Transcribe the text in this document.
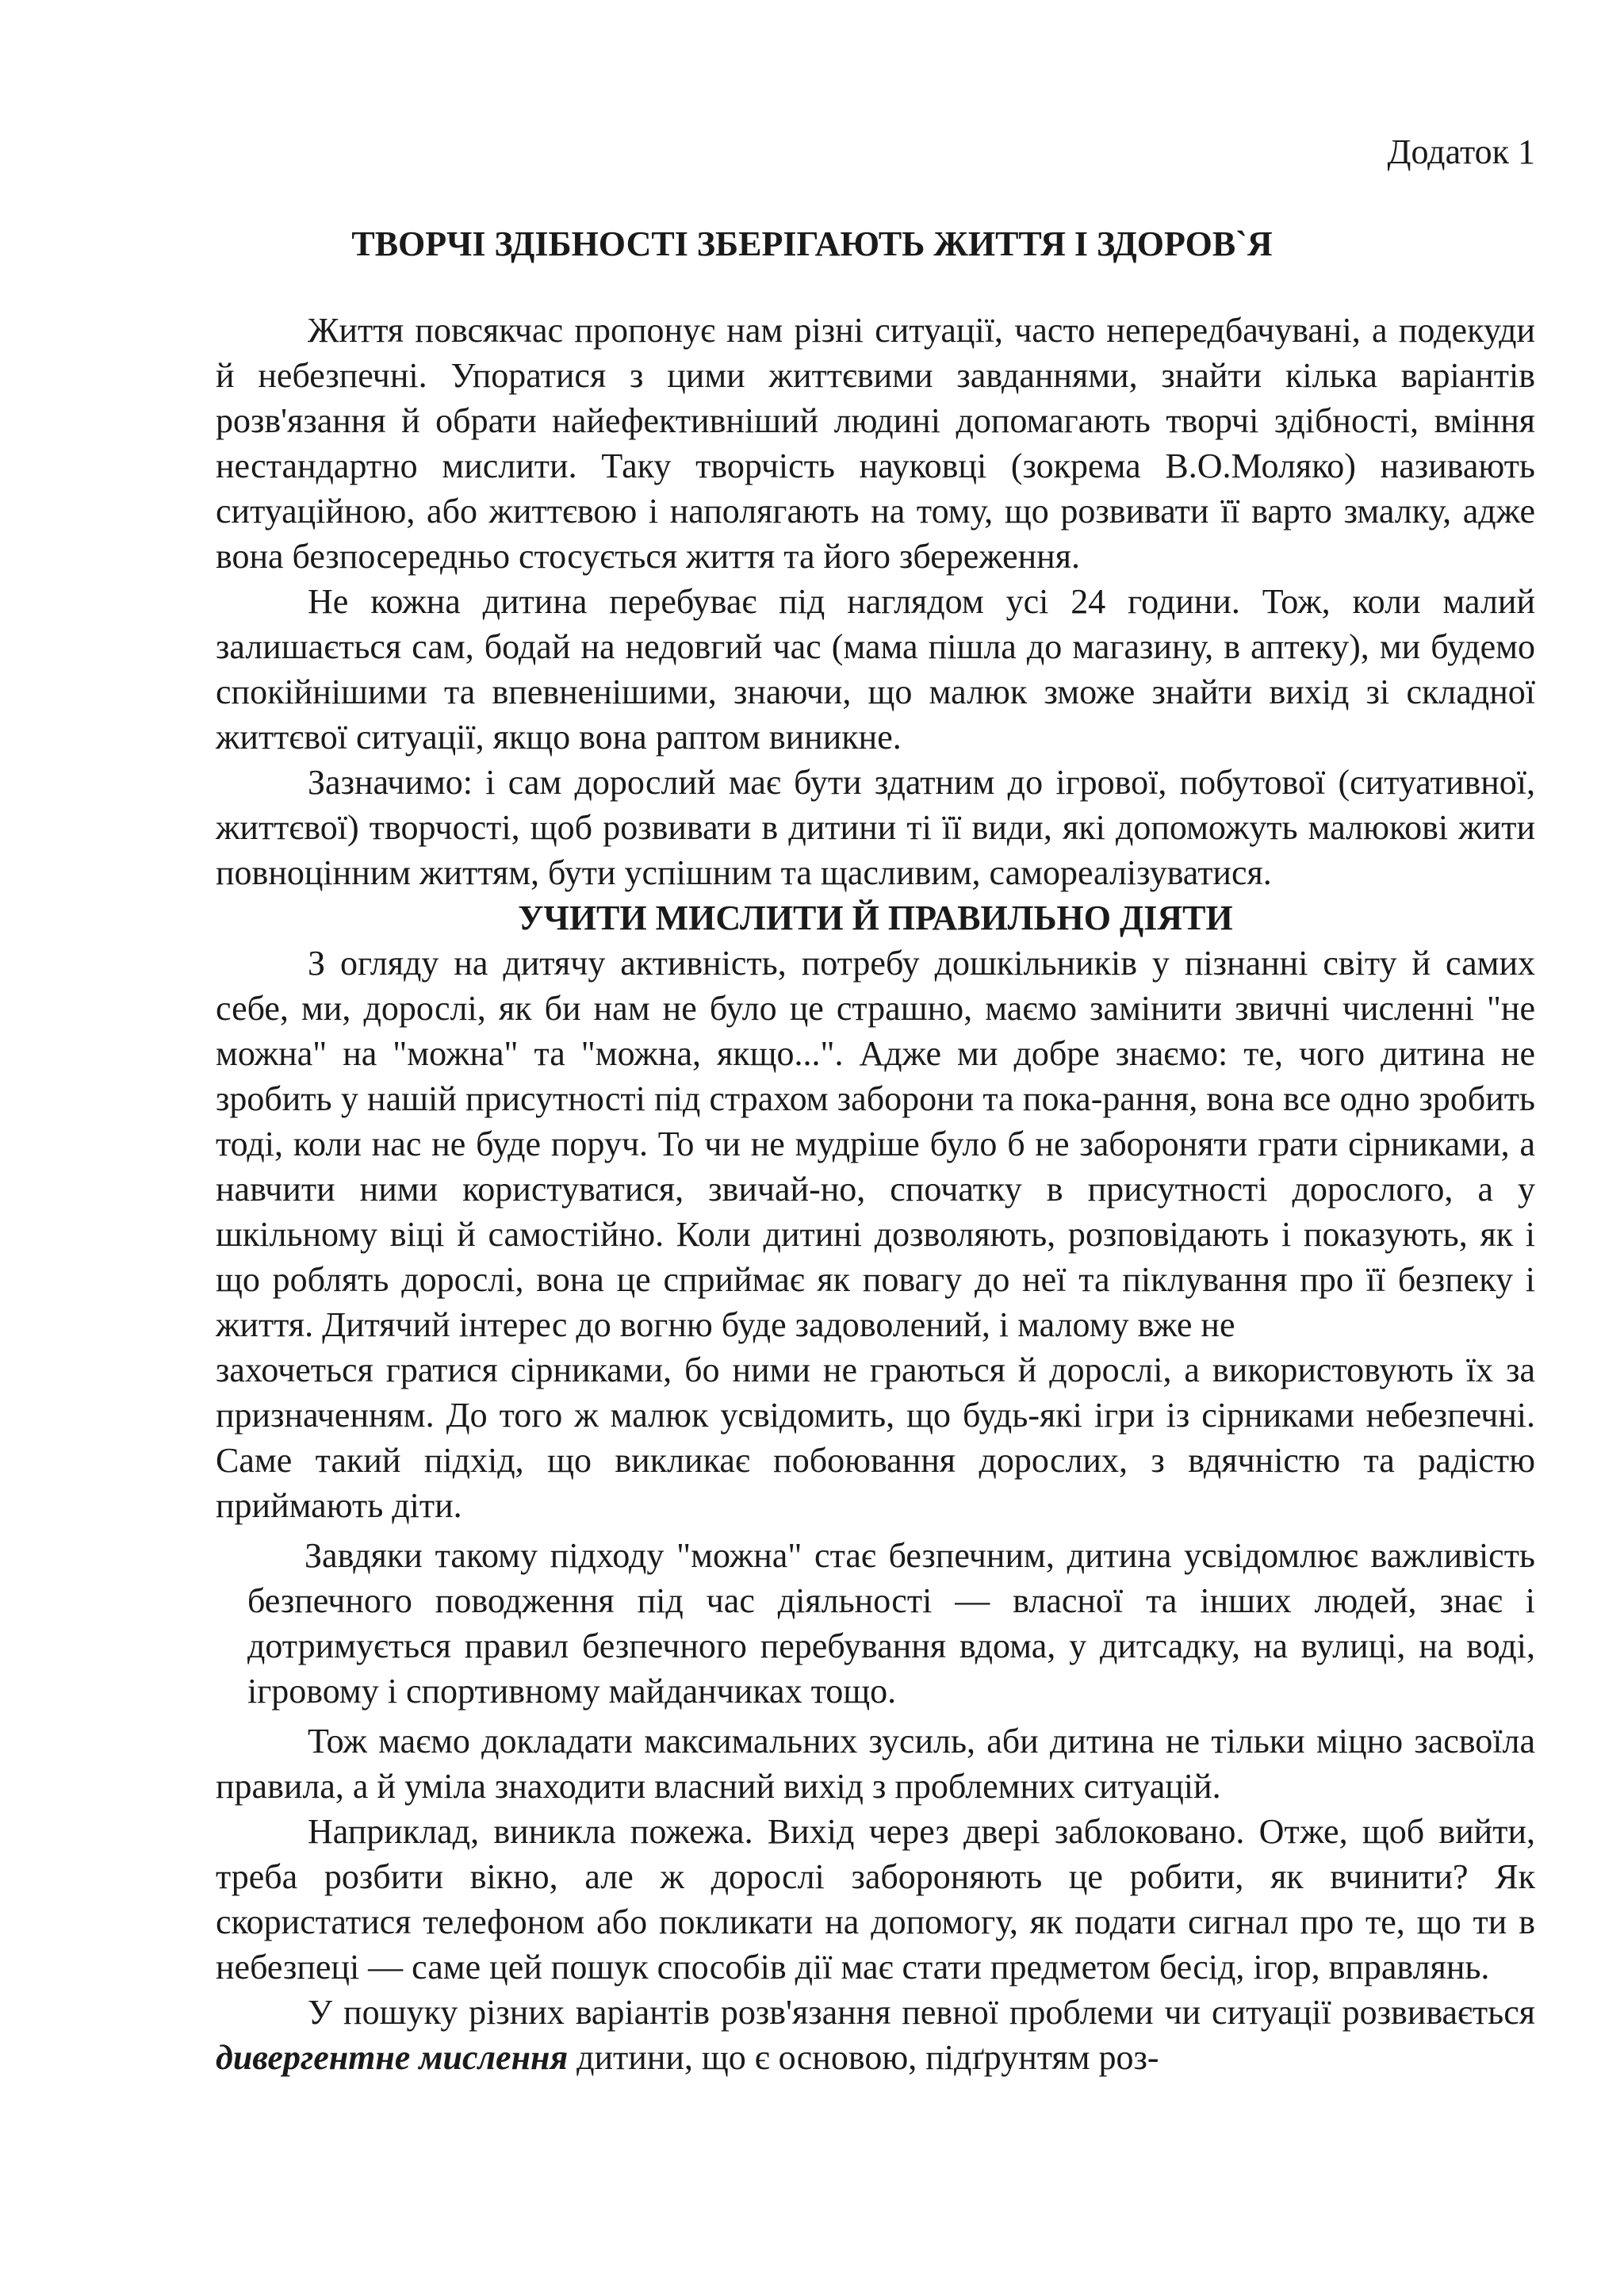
Додаток 1

ТВОРЧІ ЗДІБНОСТІ ЗБЕРІГАЮТЬ ЖИТТЯ І ЗДОРОВ`Я

Життя повсякчас пропонує нам різні ситуації, часто непередбачувані, а подекуди й небезпечні. Упоратися з цими життєвими завданнями, знайти кілька варіантів розв'язання й обрати найефективніший людині допомагають творчі здібності, вміння нестандартно мислити. Таку творчість науковці (зокрема В.О.Моляко) називають ситуаційною, або життєвою і наполягають на тому, що розвивати її варто змалку, адже вона безпосередньо стосується життя та його збереження.

Не кожна дитина перебуває під наглядом усі 24 години. Тож, коли малий залишається сам, бодай на недовгий час (мама пішла до магазину, в аптеку), ми будемо спокійнішими та впевненішими, знаючи, що малюк зможе знайти вихід зі складної життєвої ситуації, якщо вона раптом виникне.

Зазначимо: і сам дорослий має бути здатним до ігрової, побутової (ситуативної, життєвої) творчості, щоб розвивати в дитини ті її види, які допоможуть малюкові жити повноцінним життям, бути успішним та щасливим, самореалізуватися.

УЧИТИ МИСЛИТИ Й ПРАВИЛЬНО ДІЯТИ

З огляду на дитячу активність, потребу дошкільників у пізнанні світу й самих себе, ми, дорослі, як би нам не було це страшно, маємо замінити звичні численні "не можна" на "можна" та "можна, якщо...". Адже ми добре знаємо: те, чого дитина не зробить у нашій присутності під страхом заборони та пока-рання, вона все одно зробить тоді, коли нас не буде поруч. То чи не мудріше було б не забороняти грати сірниками, а навчити ними користуватися, звичай-но, спочатку в присутності дорослого, а у шкільному віці й самостійно. Коли дитині дозволяють, розповідають і показують, як і що роблять дорослі, вона це сприймає як повагу до неї та піклування про її безпеку і життя. Дитячий інтерес до вогню буде задоволений, і малому вже не

захочеться гратися сірниками, бо ними не граються й дорослі, а використовують їх за призначенням. До того ж малюк усвідомить, що будь-які ігри із сірниками небезпечні. Саме такий підхід, що викликає побоювання дорослих, з вдячністю та радістю приймають діти.

Завдяки такому підходу "можна" стає безпечним, дитина усвідомлює важливість безпечного поводження під час діяльності — власної та інших людей, знає і дотримується правил безпечного перебування вдома, у дитсадку, на вулиці, на воді, ігровому і спортивному майданчиках тощо.

Тож маємо докладати максимальних зусиль, аби дитина не тільки міцно засвоїла правила, а й уміла знаходити власний вихід з проблемних ситуацій.

Наприклад, виникла пожежа. Вихід через двері заблоковано. Отже, щоб вийти, треба розбити вікно, але ж дорослі забороняють це робити, як вчинити? Як скористатися телефоном або покликати на допомогу, як подати сигнал про те, що ти в небезпеці — саме цей пошук способів дії має стати предметом бесід, ігор, вправлянь.

У пошуку різних варіантів розв'язання певної проблеми чи ситуації розвивається дивергентне мислення дитини, що є основою, підґрунтям роз-
